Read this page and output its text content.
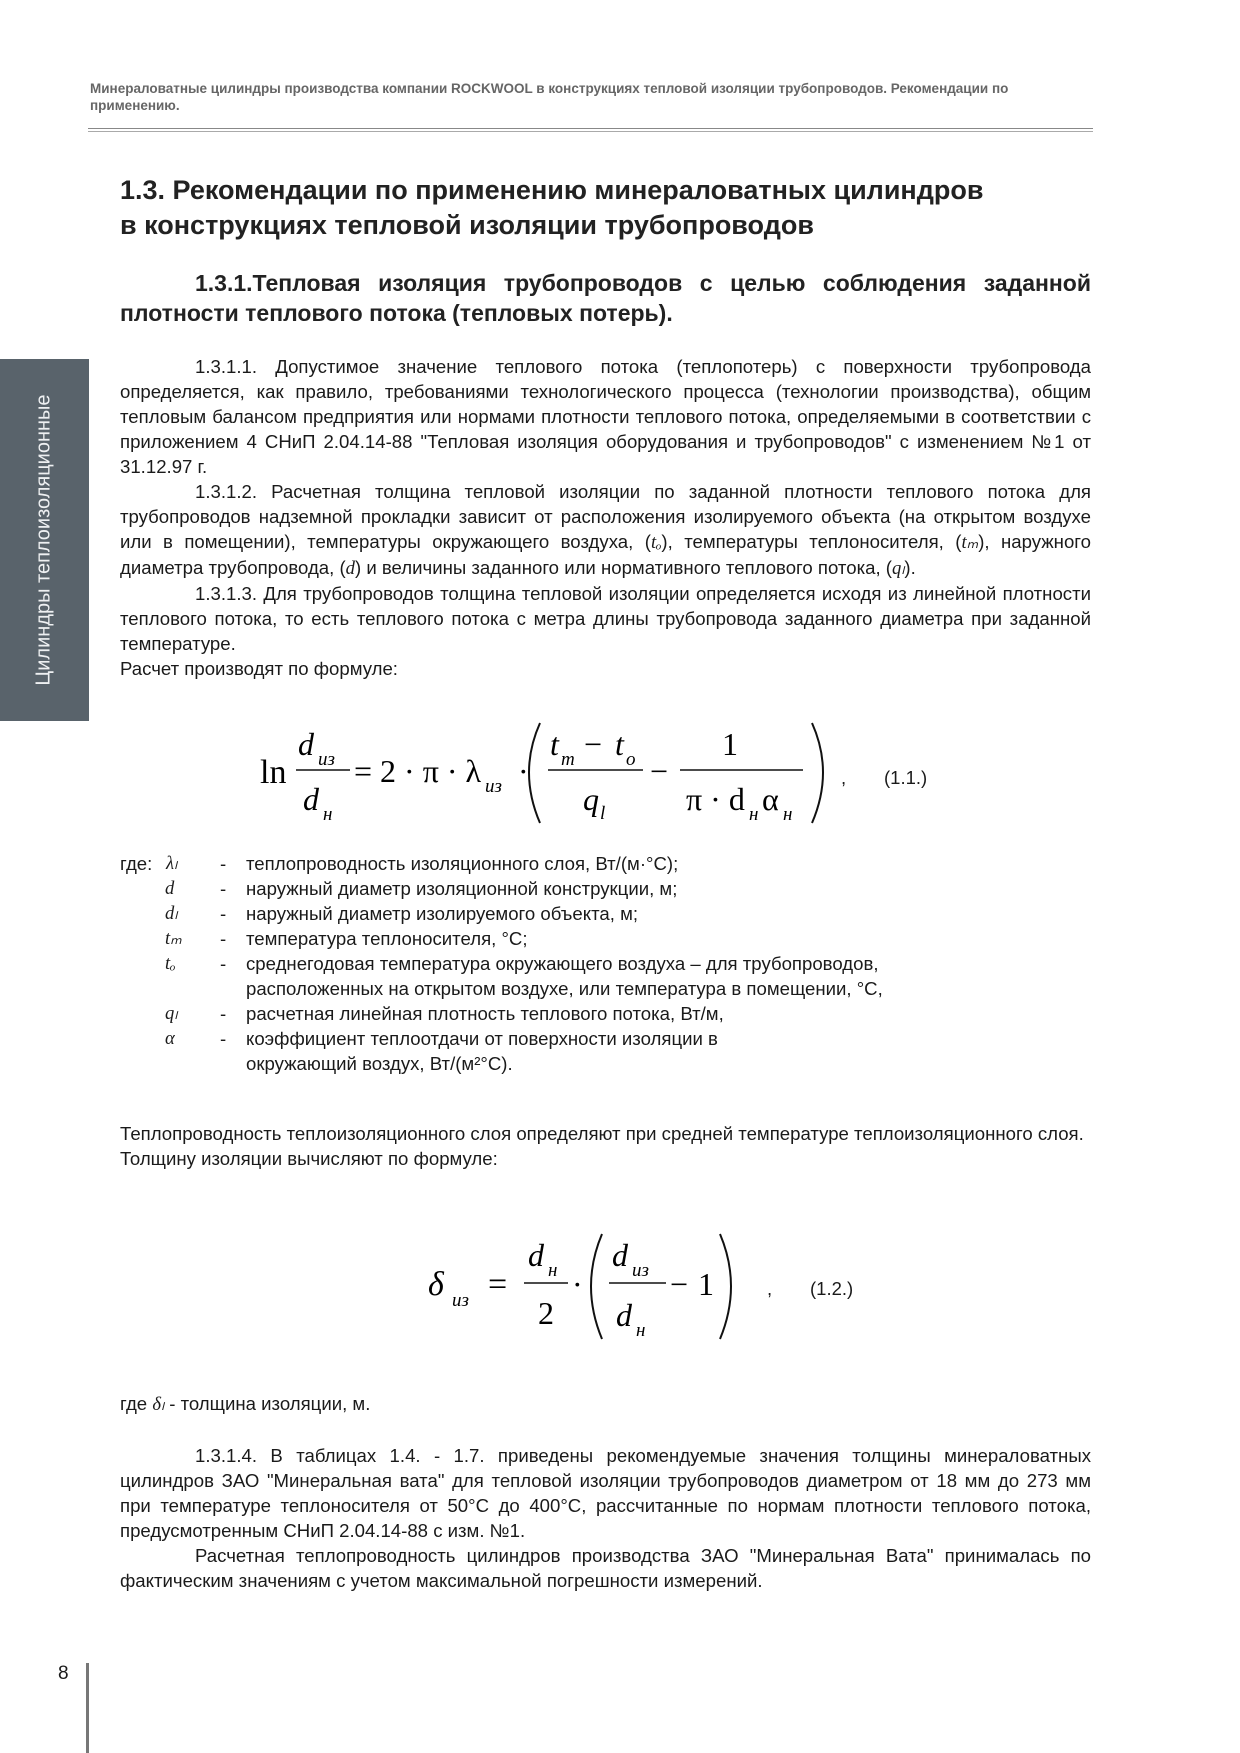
Минераловатные цилиндры производства компании ROCKWOOL в конструкциях тепловой изоляции трубопроводов. Рекомендации по применению.
Цилиндры теплоизоляционные
1.3. Рекомендации по применению минераловатных цилиндров
в конструкциях тепловой изоляции трубопроводов

1.3.1.Тепловая изоляция трубопроводов с целью соблюдения заданной плотности теплового потока (тепловых потерь).

1.3.1.1. Допустимое значение теплового потока (теплопотерь) с поверхности трубопровода определяется, как правило, требованиями технологического процесса (технологии производства), общим тепловым балансом предприятия или нормами плотности теплового потока, определяемыми в соответствии с приложением 4 СНиП 2.04.14-88 "Тепловая изоляция оборудования и трубопроводов" с изменением №1 от 31.12.97 г.

1.3.1.2. Расчетная толщина тепловой изоляции по заданной плотности теплового потока для трубопроводов надземной прокладки зависит от расположения изолируемого объекта (на открытом воздухе или в помещении), температуры окружающего воздуха, (tₒ), температуры теплоносителя, (tₘ), наружного диаметра трубопровода, (d) и величины заданного или нормативного теплового потока, (qₗ).

1.3.1.3. Для трубопроводов толщина тепловой изоляции определяется исходя из линейной плотности теплового потока, то есть теплового потока с метра длины трубопровода заданного диаметра при заданной температуре.

Расчет производят по формуле:

ln
d из
d н
= 2 · π · λ из ·
t m − t o
q l
−
1
π · d н α н
, (1.1.)
где: λₗ - теплопроводность изоляционного слоя, Вт/(м·°С);
d - наружный диаметр изоляционной конструкции, м;
dₗ - наружный диаметр изолируемого объекта, м;
tₘ - температура теплоносителя, °С;
tₒ - среднегодовая температура окружающего воздуха – для трубопроводов, расположенных на открытом воздухе, или температура в помещении, °С,
qₗ - расчетная линейная плотность теплового потока, Вт/м,
α - коэффициент теплоотдачи от поверхности изоляции в окружающий воздух, Вт/(м²°С).

Теплопроводность теплоизоляционного слоя определяют при средней температуре теплоизоляционного слоя.

Толщину изоляции вычисляют по формуле:

δ из =
d н
2
·
d из
d н
− 1	, (1.2.)

где δₗ - толщина изоляции, м.

1.3.1.4. В таблицах 1.4. - 1.7. приведены рекомендуемые значения толщины минераловатных цилиндров ЗАО "Минеральная вата" для тепловой изоляции трубопроводов диаметром от 18 мм до 273 мм при температуре теплоносителя от 50°С до 400°С, рассчитанные по нормам плотности теплового потока, предусмотренным СНиП 2.04.14-88 с изм. №1.

Расчетная теплопроводность цилиндров производства ЗАО "Минеральная Вата" принималась по фактическим значениям с учетом максимальной погрешности измерений.

8
